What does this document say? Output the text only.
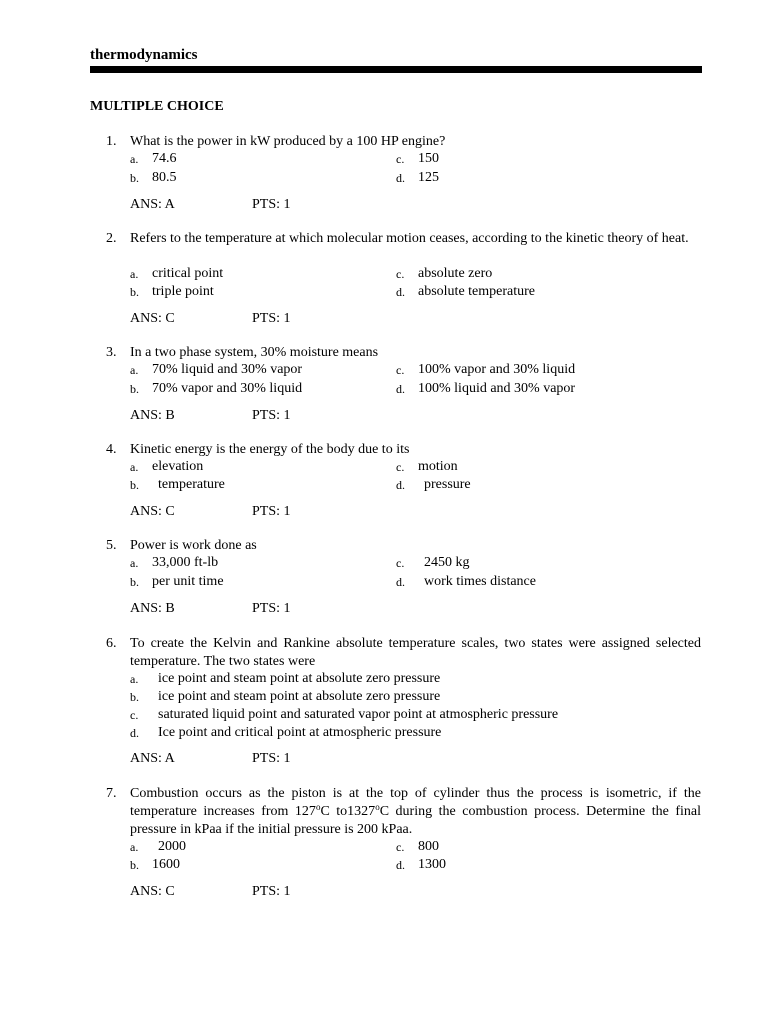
thermodynamics
MULTIPLE CHOICE
1. What is the power in kW produced by a 100 HP engine?
a. 74.6
b. 80.5
c. 150
d. 125
ANS: A	PTS: 1
2. Refers to the temperature at which molecular motion ceases, according to the kinetic theory of heat.
a. critical point
b. triple point
c. absolute zero
d. absolute temperature
ANS: C	PTS: 1
3. In a two phase system, 30% moisture means
a. 70% liquid and 30% vapor
b. 70% vapor and 30% liquid
c. 100% vapor and 30% liquid
d. 100% liquid and 30% vapor
ANS: B	PTS: 1
4. Kinetic energy is the energy of the body due to its
a. elevation
b. temperature
c. motion
d. pressure
ANS: C	PTS: 1
5. Power is work done as
a. 33,000 ft-lb
b. per unit time
c. 2450 kg
d. work times distance
ANS: B	PTS: 1
6. To create the Kelvin and Rankine absolute temperature scales, two states were assigned selected temperature. The two states were
a. ice point and steam point at absolute zero pressure
b. ice point and steam point at absolute zero pressure
c. saturated liquid point and saturated vapor point at atmospheric pressure
d. Ice point and critical point at atmospheric pressure
ANS: A	PTS: 1
7. Combustion occurs as the piston is at the top of cylinder thus the process is isometric, if the temperature increases from 127$^o$C to1327$^o$C during the combustion process. Determine the final pressure in kPaa if the initial pressure is 200 kPaa.
a. 2000
b. 1600
c. 800
d. 1300
ANS: C	PTS: 1
